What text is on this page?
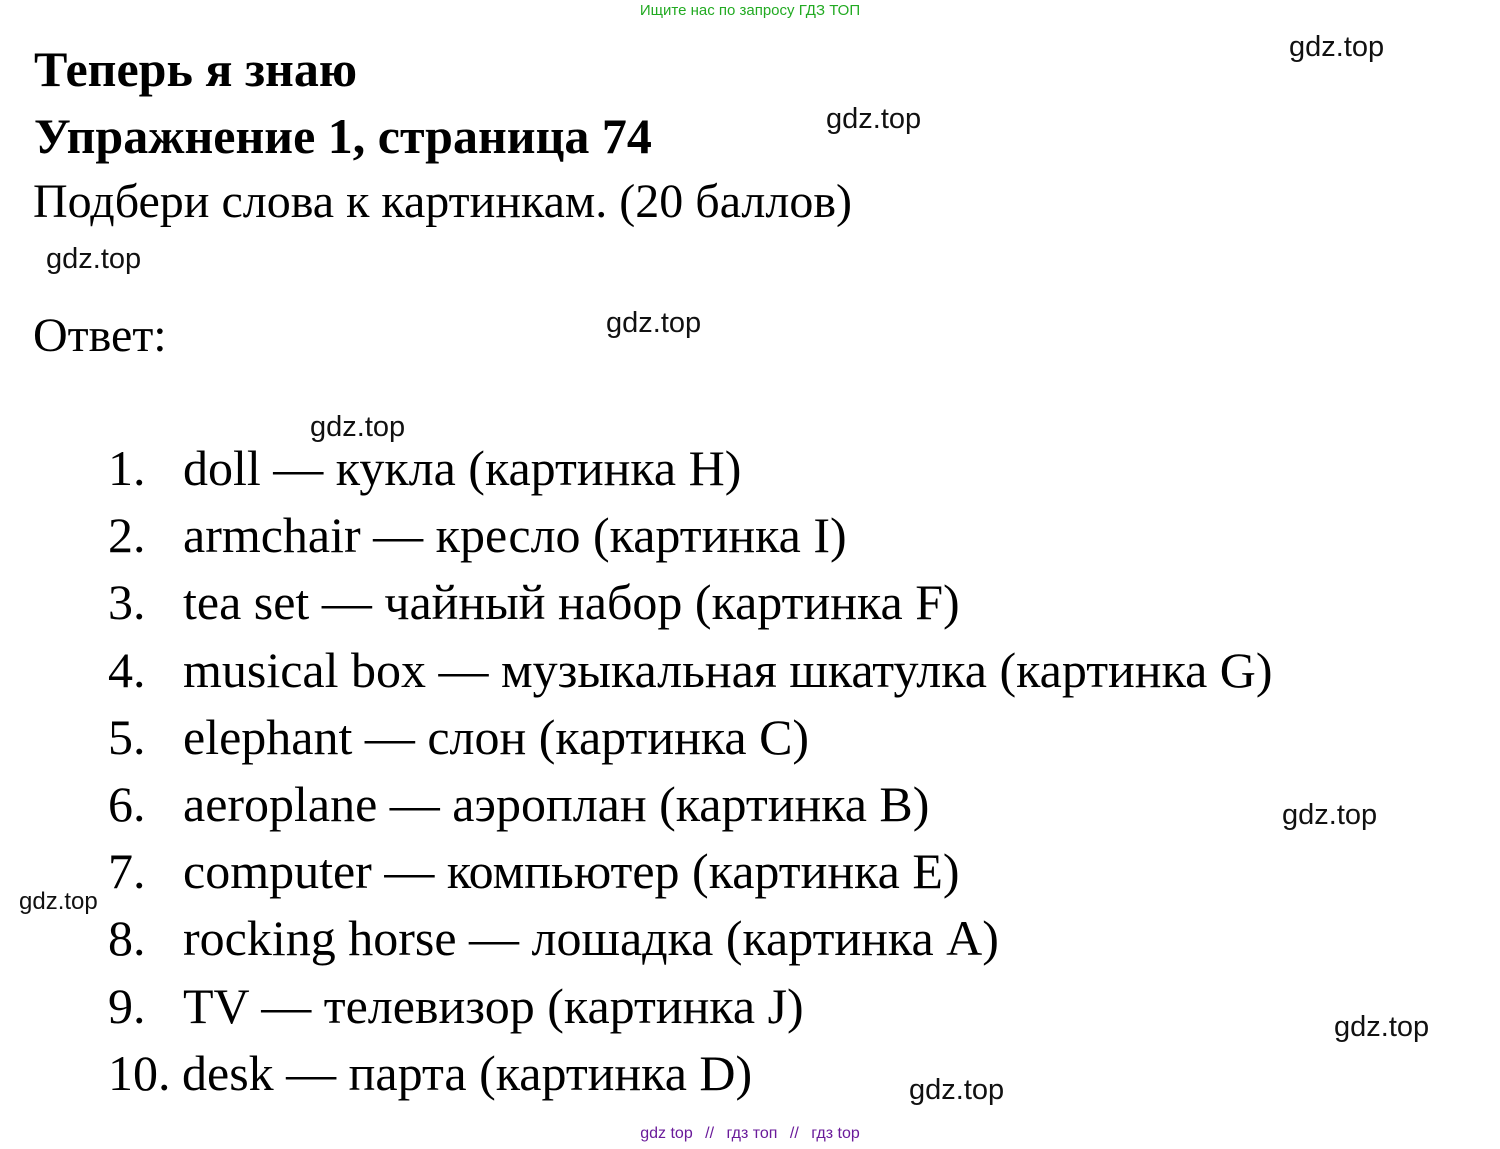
Ищите нас по запросу ГДЗ ТОП
Теперь я знаю
Упражнение 1, страница 74
Подбери слова к картинкам. (20 баллов)
Ответ:
1. doll — кукла (картинка H)
2. armchair — кресло (картинка I)
3. tea set — чайный набор (картинка F)
4. musical box — музыкальная шкатулка (картинка G)
5. elephant — слон (картинка C)
6. aeroplane — аэроплан (картинка B)
7. computer — компьютер (картинка E)
8. rocking horse — лошадка (картинка A)
9. TV — телевизор (картинка J)
10. desk — парта (картинка D)
gdz.top
gdz.top
gdz.top
gdz.top
gdz.top
gdz.top
gdz.top
gdz.top
gdz.top
gdz top // гдз топ // гдз top
